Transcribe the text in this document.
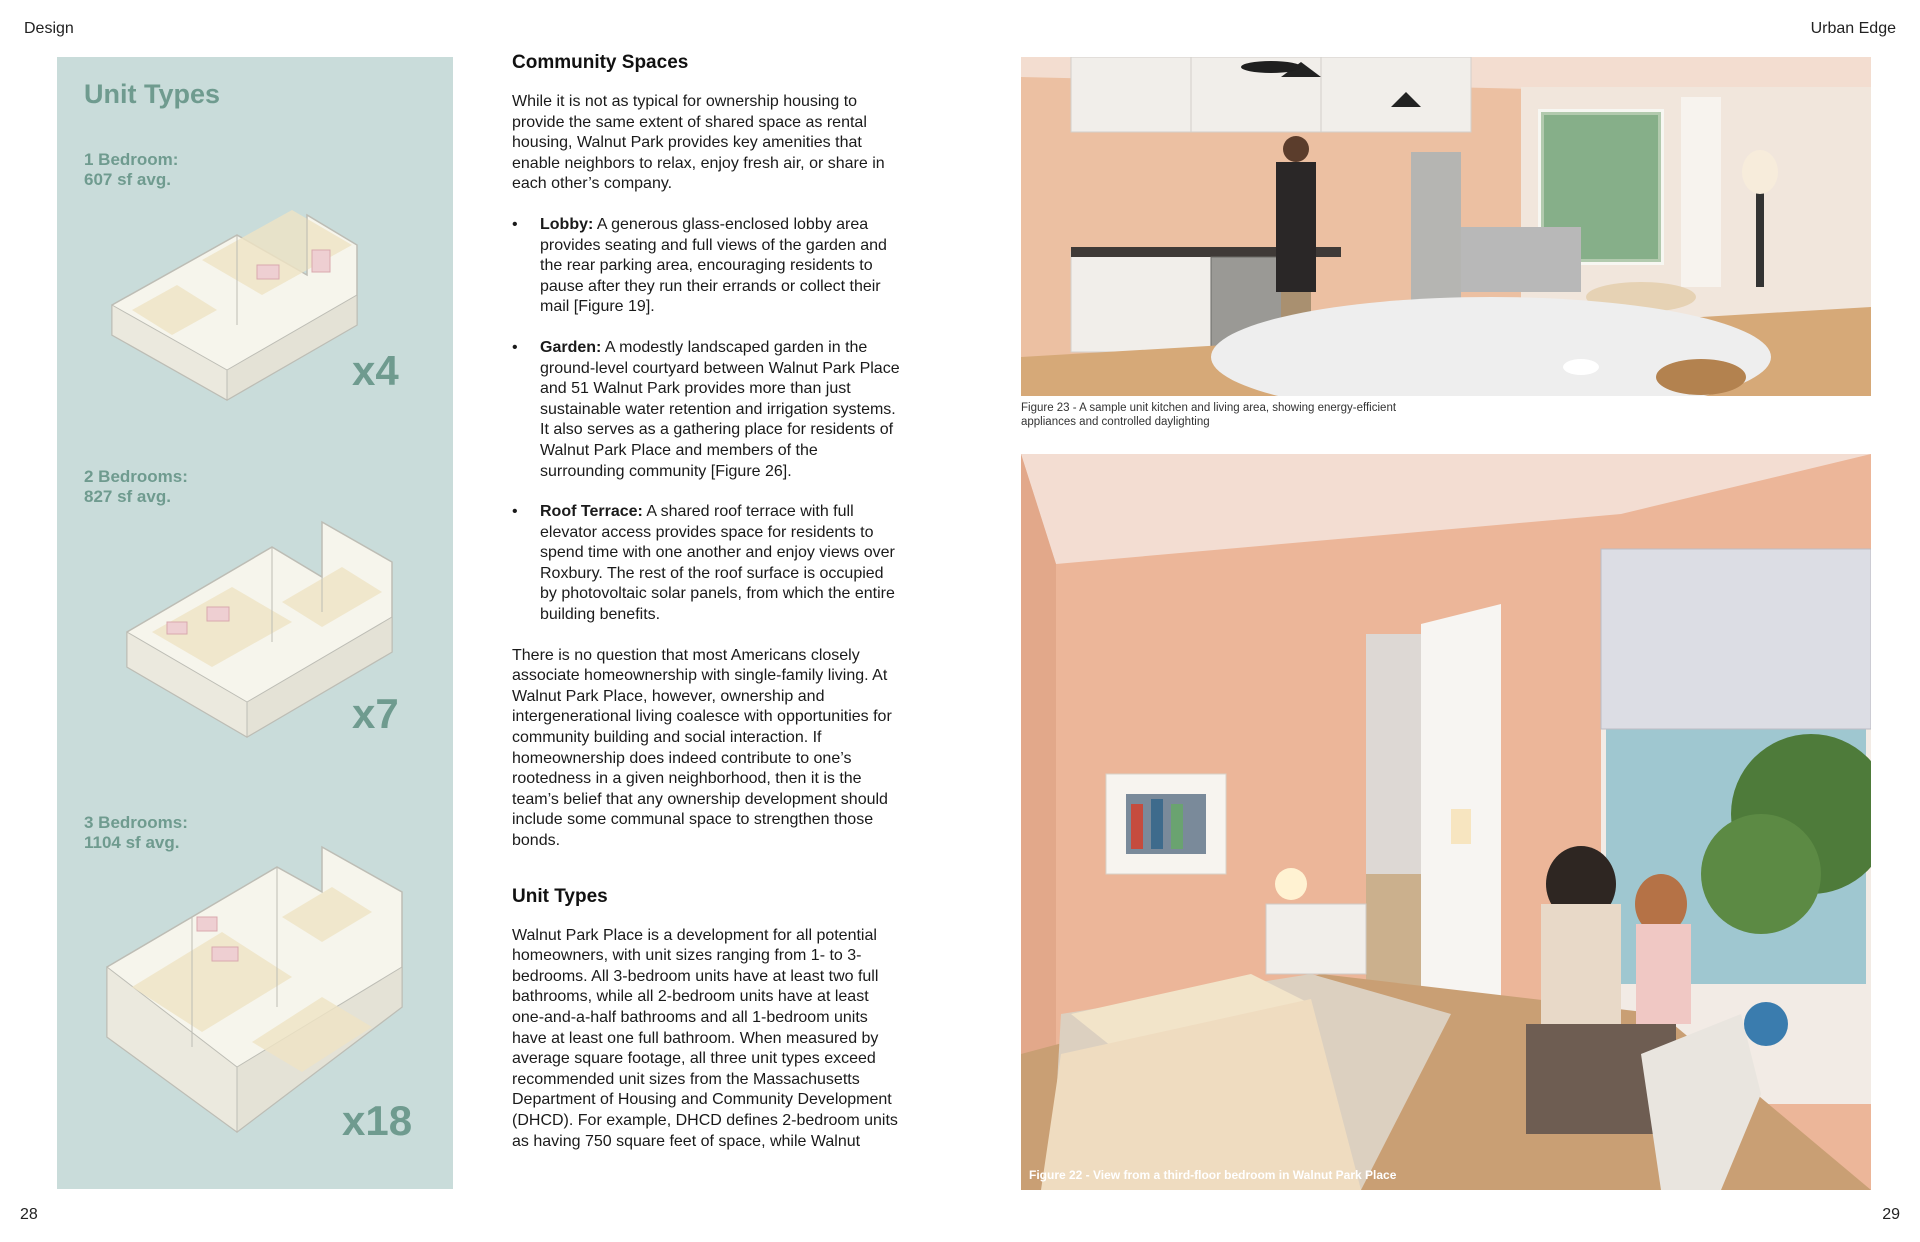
Design	Urban Edge
Unit Types
1 Bedroom:
607 sf avg.
x4
2 Bedrooms:
827 sf avg.
x7
3 Bedrooms:
1104 sf avg.
x18
Community Spaces

While it is not as typical for ownership housing to provide the same extent of shared space as rental housing, Walnut Park provides key amenities that enable neighbors to relax, enjoy fresh air, or share in each other’s company.

• Lobby: A generous glass-enclosed lobby area provides seating and full views of the garden and the rear parking area, encouraging residents to pause after they run their errands or collect their mail [Figure 19].
• Garden: A modestly landscaped garden in the ground-level courtyard between Walnut Park Place and 51 Walnut Park provides more than just sustainable water retention and irrigation systems. It also serves as a gathering place for residents of Walnut Park Place and members of the surrounding community [Figure 26].
• Roof Terrace: A shared roof terrace with full elevator access provides space for residents to spend time with one another and enjoy views over Roxbury. The rest of the roof surface is occupied by photovoltaic solar panels, from which the entire building benefits.

There is no question that most Americans closely associate homeownership with single-family living. At Walnut Park Place, however, ownership and intergenerational living coalesce with opportunities for community building and social interaction. If homeownership does indeed contribute to one’s rootedness in a given neighborhood, then it is the team’s belief that any ownership development should include some communal space to strengthen those bonds.

Unit Types

Walnut Park Place is a development for all potential homeowners, with unit sizes ranging from 1- to 3-bedrooms. All 3-bedroom units have at least two full bathrooms, while all 2-bedroom units have at least one-and-a-half bathrooms and all 1-bedroom units have at least one full bathroom. When measured by average square footage, all three unit types exceed recommended unit sizes from the Massachusetts Department of Housing and Community Development (DHCD). For example, DHCD defines 2-bedroom units as having 750 square feet of space, while Walnut

Figure 23 - A sample unit kitchen and living area, showing energy-efficient appliances and controlled daylighting
Figure 22 - View from a third-floor bedroom in Walnut Park Place
28	29
